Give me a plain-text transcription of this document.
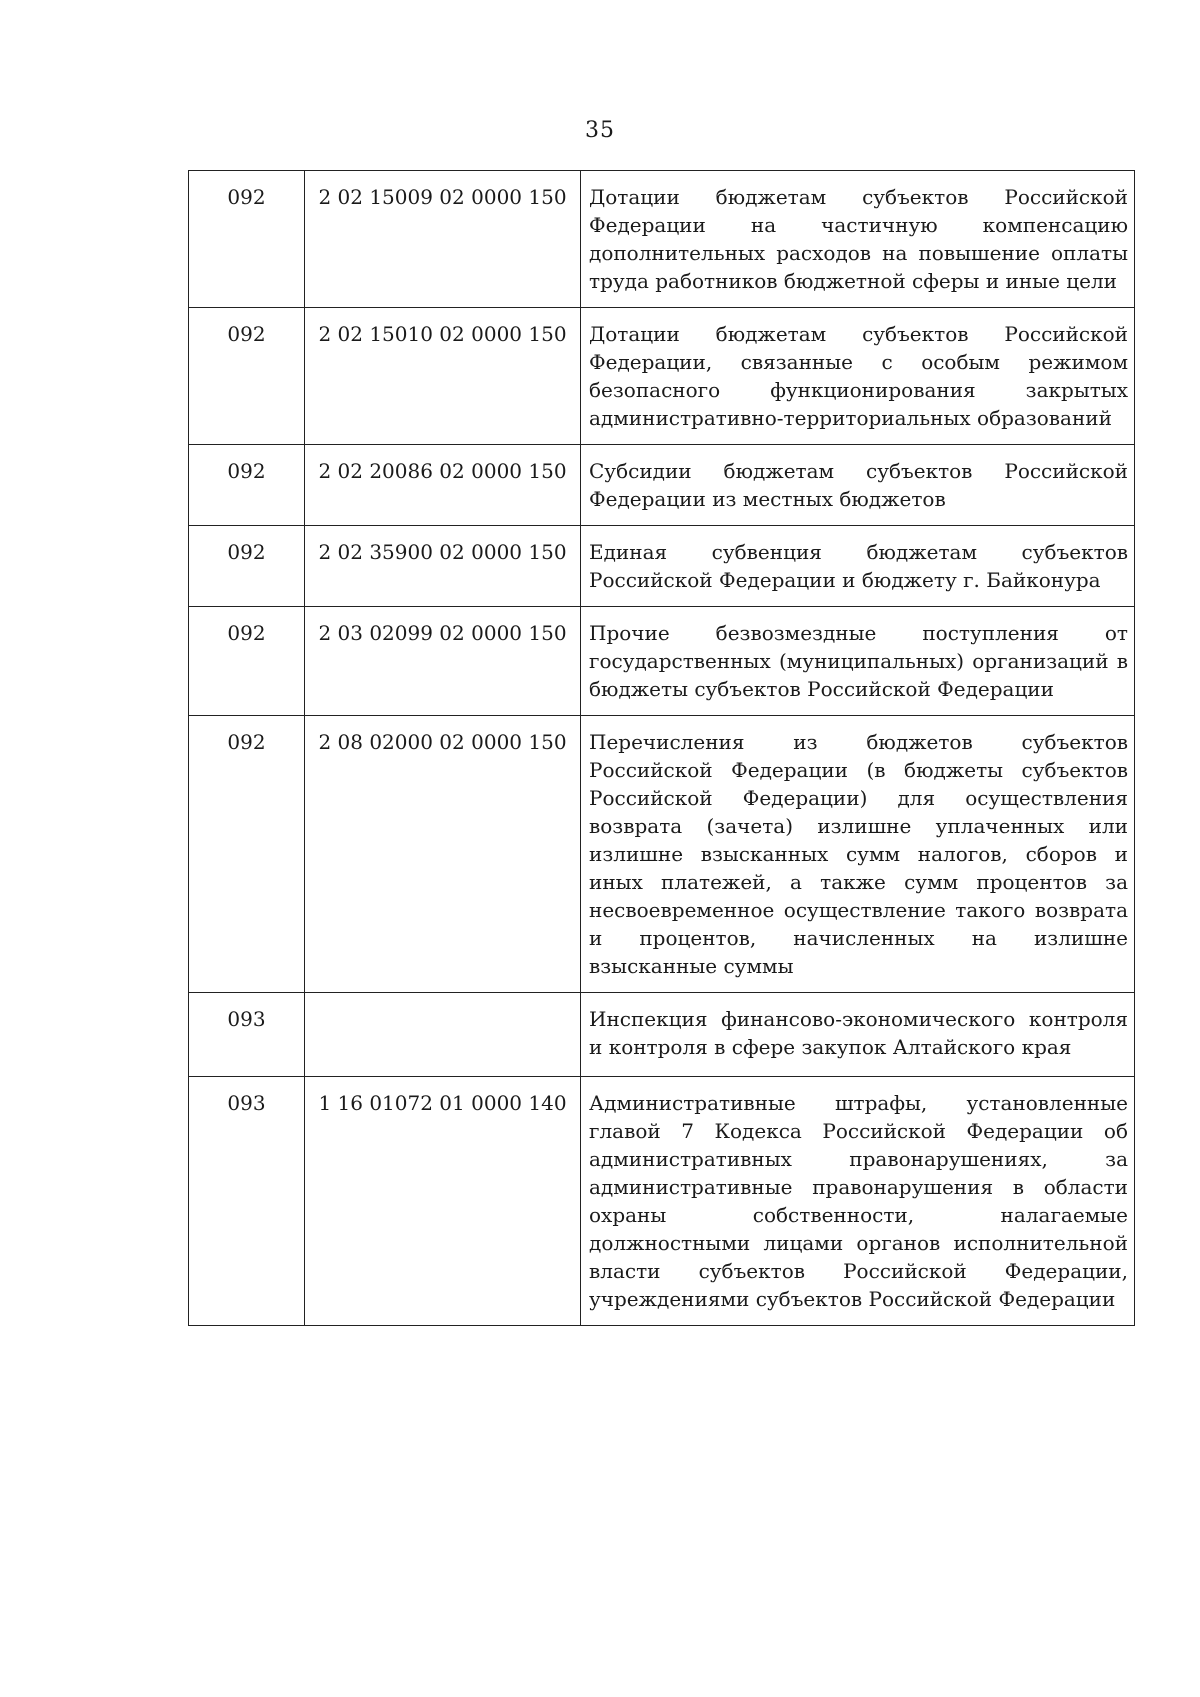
35
092	2 02 15009 02 0000 150	Дотации бюджетам субъектов Российской Федерации на частичную компенсацию дополнительных расходов на повышение оплаты труда работников бюджетной сферы и иные цели
092	2 02 15010 02 0000 150	Дотации бюджетам субъектов Российской Федерации, связанные с особым режимом безопасного функционирования закрытых административно-территориальных образований
092	2 02 20086 02 0000 150	Субсидии бюджетам субъектов Российской Федерации из местных бюджетов
092	2 02 35900 02 0000 150	Единая субвенция бюджетам субъектов Российской Федерации и бюджету г. Байконура
092	2 03 02099 02 0000 150	Прочие безвозмездные поступления от государственных (муниципальных) организаций в бюджеты субъектов Российской Федерации
092	2 08 02000 02 0000 150	Перечисления из бюджетов субъектов Российской Федерации (в бюджеты субъектов Российской Федерации) для осуществления возврата (зачета) излишне уплаченных или излишне взысканных сумм налогов, сборов и иных платежей, а также сумм процентов за несвоевременное осуществление такого возврата и процентов, начисленных на излишне взысканные суммы
093		Инспекция финансово-экономического контроля и контроля в сфере закупок Алтайского края
093	1 16 01072 01 0000 140	Административные штрафы, установленные главой 7 Кодекса Российской Федерации об административных правонарушениях, за административные правонарушения в области охраны собственности, налагаемые должностными лицами органов исполнительной власти субъектов Российской Федерации, учреждениями субъектов Российской Федерации
